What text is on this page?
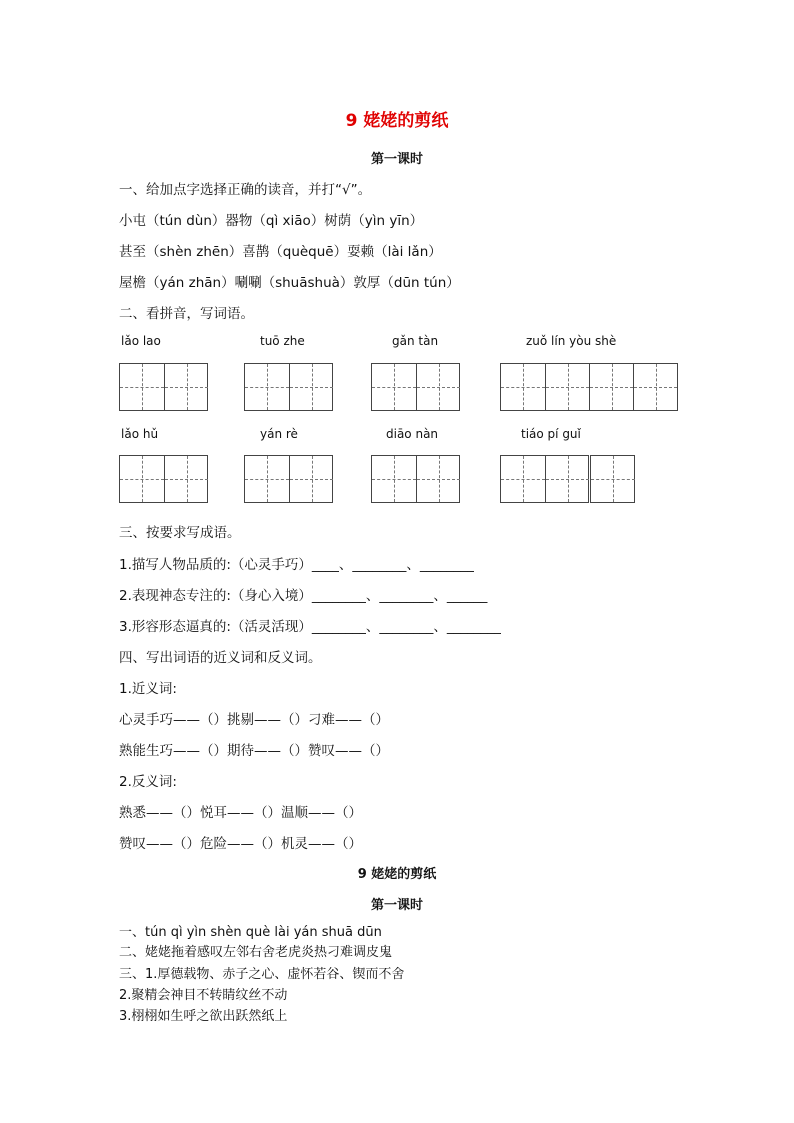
9 姥姥的剪纸
第一课时
一、给加点字选择正确的读音，并打“√”。
小屯（tún dùn）器物（qì xiāo）树荫（yìn yīn）
甚至（shèn zhēn）喜鹊（quèquē）耍赖（lài lǎn）
屋檐（yán zhān）唰唰（shuāshuà）敦厚（dūn tún）
二、看拼音，写词语。
lǎo lao	tuō zhe	gǎn tàn	zuǒ lín yòu shè
lǎo hǔ	yán rè	diāo nàn	tiáo pí guǐ
三、按要求写成语。
1.描写人物品质的:（心灵手巧）____、________、________
2.表现神态专注的:（身心入境）________、________、______
3.形容形态逼真的:（活灵活现）________、________、________
四、写出词语的近义词和反义词。
1.近义词:
心灵手巧——（）挑剔——（）刁难——（）
熟能生巧——（）期待——（）赞叹——（）
2.反义词:
熟悉——（）悦耳——（）温顺——（）
赞叹——（）危险——（）机灵——（）
9 姥姥的剪纸
第一课时
一、tún qì yìn shèn què lài yán shuā dūn
二、姥姥拖着感叹左邻右舍老虎炎热刁难调皮鬼
三、1.厚德载物、赤子之心、虚怀若谷、锲而不舍
2.聚精会神目不转睛纹丝不动
3.栩栩如生呼之欲出跃然纸上
